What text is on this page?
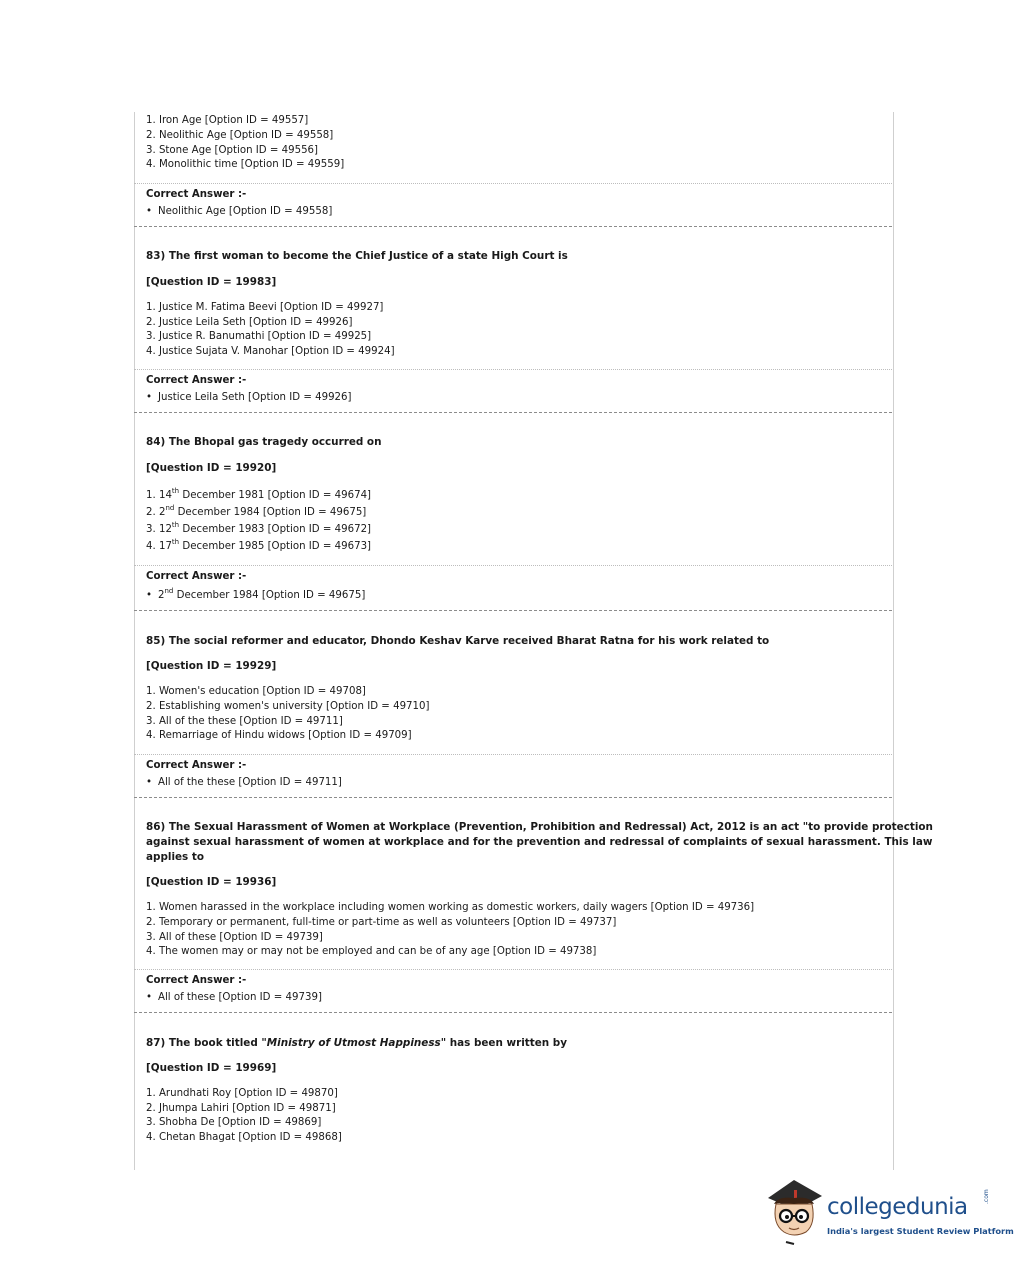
1. Iron Age [Option ID = 49557]
2. Neolithic Age [Option ID = 49558]
3. Stone Age [Option ID = 49556]
4. Monolithic time [Option ID = 49559]
Correct Answer :-
• Neolithic Age [Option ID = 49558]
83) The first woman to become the Chief Justice of a state High Court is
[Question ID = 19983]
1. Justice M. Fatima Beevi [Option ID = 49927]
2. Justice Leila Seth [Option ID = 49926]
3. Justice R. Banumathi [Option ID = 49925]
4. Justice Sujata V. Manohar [Option ID = 49924]
Correct Answer :-
• Justice Leila Seth [Option ID = 49926]
84) The Bhopal gas tragedy occurred on
[Question ID = 19920]
1. 14th December 1981 [Option ID = 49674]
2. 2nd December 1984 [Option ID = 49675]
3. 12th December 1983 [Option ID = 49672]
4. 17th December 1985 [Option ID = 49673]
Correct Answer :-
• 2nd December 1984 [Option ID = 49675]
85) The social reformer and educator, Dhondo Keshav Karve received Bharat Ratna for his work related to
[Question ID = 19929]
1. Women's education [Option ID = 49708]
2. Establishing women's university [Option ID = 49710]
3. All of the these [Option ID = 49711]
4. Remarriage of Hindu widows [Option ID = 49709]
Correct Answer :-
• All of the these [Option ID = 49711]
86) The Sexual Harassment of Women at Workplace (Prevention, Prohibition and Redressal) Act, 2012 is an act "to provide protection
against sexual harassment of women at workplace and for the prevention and redressal of complaints of sexual harassment. This law
applies to
[Question ID = 19936]
1. Women harassed in the workplace including women working as domestic workers, daily wagers [Option ID = 49736]
2. Temporary or permanent, full-time or part-time as well as volunteers [Option ID = 49737]
3. All of these [Option ID = 49739]
4. The women may or may not be employed and can be of any age [Option ID = 49738]
Correct Answer :-
• All of these [Option ID = 49739]
87) The book titled "Ministry of Utmost Happiness" has been written by
[Question ID = 19969]
1. Arundhati Roy [Option ID = 49870]
2. Jhumpa Lahiri [Option ID = 49871]
3. Shobha De [Option ID = 49869]
4. Chetan Bhagat [Option ID = 49868]
collegedunia	.com
India's largest Student Review Platform
